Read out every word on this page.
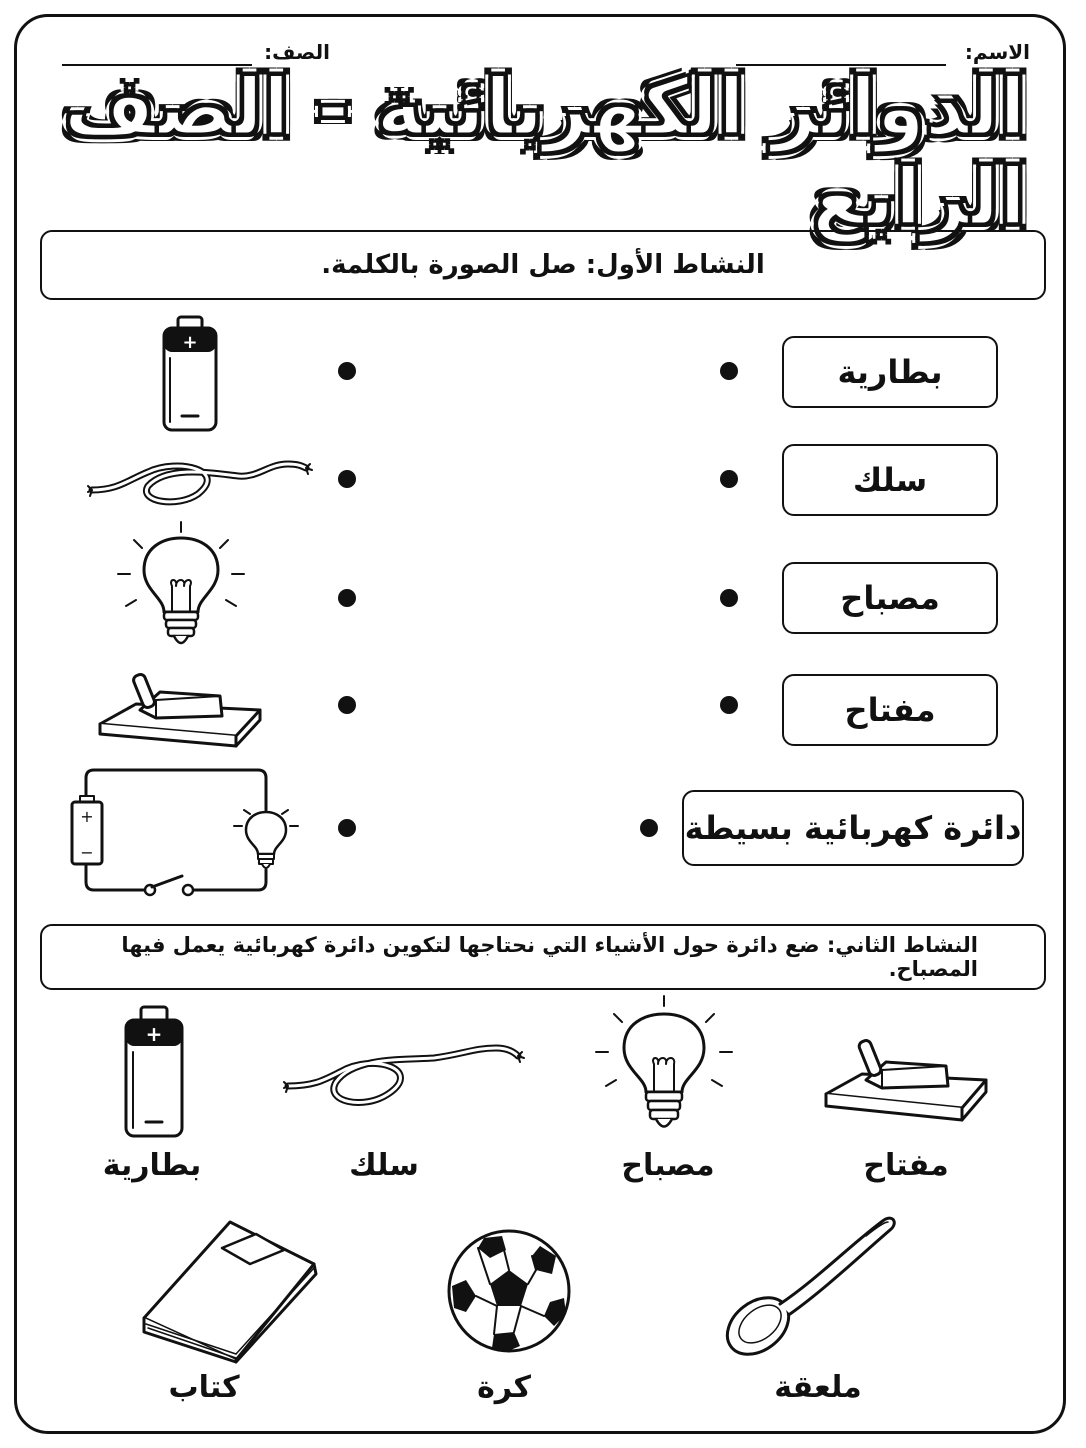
الاسم:
الصف:
الدوائر الكهربائية - الصف الرابع
النشاط الأول: صل الصورة بالكلمة.
بطارية
سلك
مصباح
مفتاح
دائرة كهربائية بسيطة
+
+
−
النشاط الثاني: ضع دائرة حول الأشياء التي نحتاجها لتكوين دائرة كهربائية يعمل فيها المصباح.
+
بطارية	سلك	مصباح	مفتاح
كتاب	كرة	ملعقة
